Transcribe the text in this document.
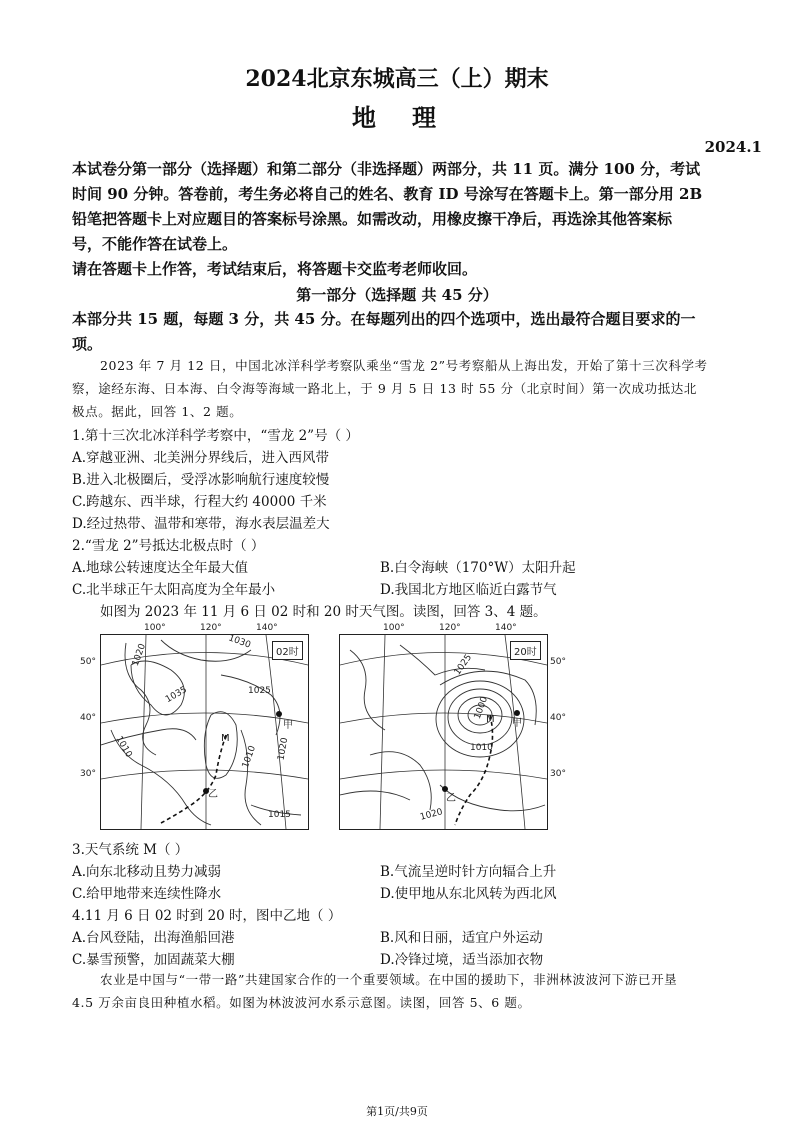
2024北京东城高三（上）期末
地　理
2024.1
本试卷分第一部分（选择题）和第二部分（非选择题）两部分，共 11 页。满分 100 分，考试
时间 90 分钟。答卷前，考生务必将自己的姓名、教育 ID 号涂写在答题卡上。第一部分用 2B
铅笔把答题卡上对应题目的答案标号涂黑。如需改动，用橡皮擦干净后，再选涂其他答案标
号，不能作答在试卷上。
请在答题卡上作答，考试结束后，将答题卡交监考老师收回。
第一部分（选择题 共 45 分）
本部分共 15 题，每题 3 分，共 45 分。在每题列出的四个选项中，选出最符合题目要求的一
项。
2023 年 7 月 12 日，中国北冰洋科学考察队乘坐“雪龙 2”号考察船从上海出发，开始了第十三次科学考
察，途经东海、日本海、白令海等海域一路北上，于 9 月 5 日 13 时 55 分（北京时间）第一次成功抵达北
极点。据此，回答 1、2 题。
1.第十三次北冰洋科学考察中，“雪龙 2”号（ ）
A.穿越亚洲、北美洲分界线后，进入西风带
B.进入北极圈后，受浮冰影响航行速度较慢
C.跨越东、西半球，行程大约 40000 千米
D.经过热带、温带和寒带，海水表层温差大
2.“雪龙 2”号抵达北极点时（ ）
A.地球公转速度达全年最大值	B.白令海峡（170°W）太阳升起
C.北半球正午太阳高度为全年最小	D.我国北方地区临近白露节气
如图为 2023 年 11 月 6 日 02 时和 20 时天气图。读图，回答 3、4 题。
100°	120°	140°
50°
40°
30°
02时
1020
1030
1035	1025
1010	1010 1020
1015
甲
乙
M
100°	120°	140°
50°
40°
30°
20时
1025
1000
1010
1020
甲
乙
M
3.天气系统 M（ ）
A.向东北移动且势力减弱	B.气流呈逆时针方向辐合上升
C.给甲地带来连续性降水	D.使甲地从东北风转为西北风
4.11 月 6 日 02 时到 20 时，图中乙地（ ）
A.台风登陆，出海渔船回港	B.风和日丽，适宜户外运动
C.暴雪预警，加固蔬菜大棚	D.冷锋过境，适当添加衣物
农业是中国与“一带一路”共建国家合作的一个重要领域。在中国的援助下，非洲林波波河下游已开垦
4.5 万余亩良田种植水稻。如图为林波波河水系示意图。读图，回答 5、6 题。
第1页/共9页
